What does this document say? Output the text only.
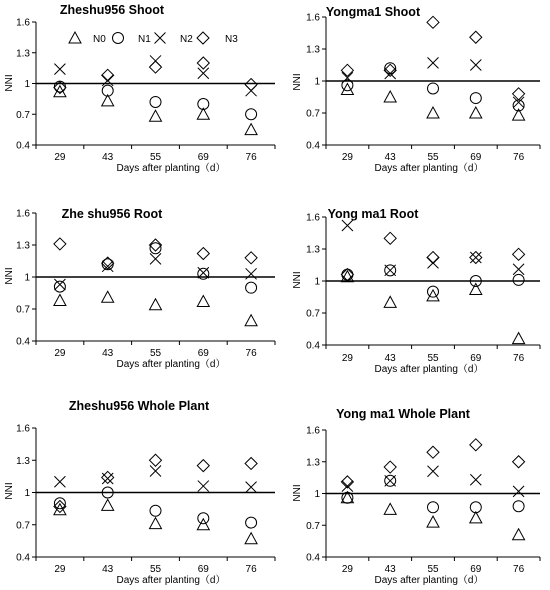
Zheshu956 Shoot
0.4
0.7
1
1.3
1.6
29	43	55	69	76
Days after planting（d）
NNI
Yongma1 Shoot
0.4
0.7
1
1.3
1.6
29	43	55	69	76
Days after planting（d）
NNI
Zhe shu956 Root
0.4
0.7
1
1.3
1.6
29	43	55	69	76
Days after planting（d）
NNI
Yong ma1 Root
0.4
0.7
1
1.3
1.6
29	43	55	69	76
Days after planting（d）
NNI
Zheshu956 Whole Plant
0.4
0.7
1
1.3
1.6
29	43	55	69	76
Days after planting（d）
NNI
Yong ma1 Whole Plant
0.4
0.7
1
1.3
1.6
29	43	55	69	76
Days after planting（d）
NNI
N0	N1	N2	N3
